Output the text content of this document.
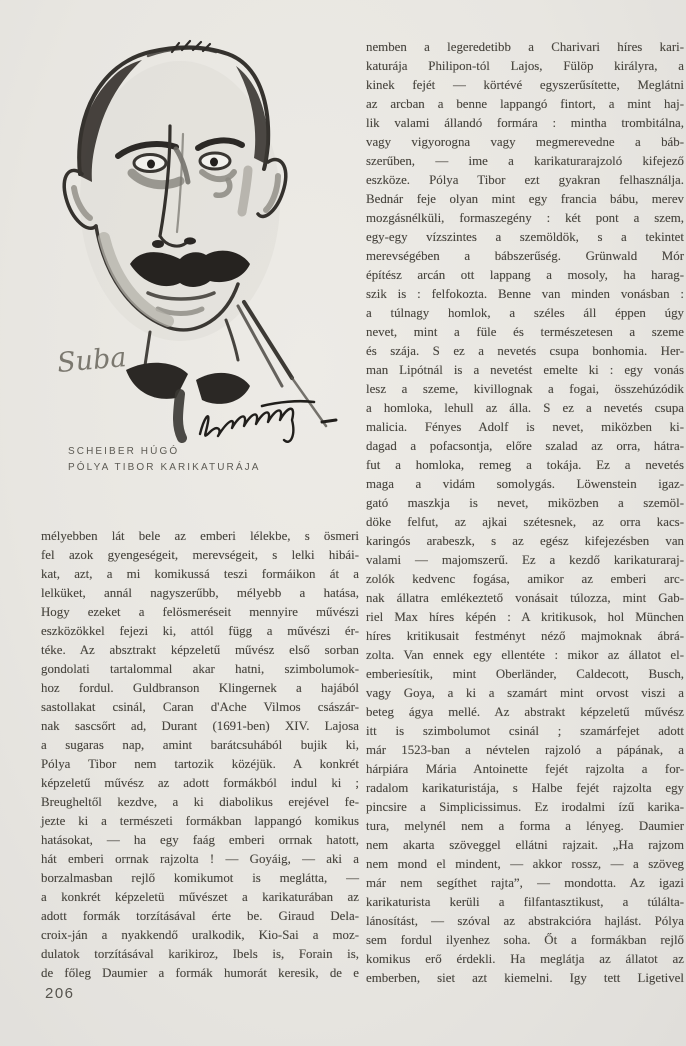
Suba
SCHEIBER HÚGÓ
PÓLYA TIBOR KARIKATURÁJA
mélyebben lát bele az emberi lélekbe, s ösmeri
fel azok gyengeségeit, merevségeit, s lelki hibái-
kat, azt, a mi komikussá teszi formáikon át a
lelküket, annál nagyszerűbb, mélyebb a hatása,
Hogy ezeket a felösmeréseit mennyire művészi
eszközökkel fejezi ki, attól függ a művészi ér-
téke. Az absztrakt képzeletű művész első sorban
gondolati tartalommal akar hatni, szimbolumok-
hoz fordul. Guldbranson Klingernek a hajából
sastollakat csinál, Caran d'Ache Vilmos császár-
nak sascsőrt ad, Durant (1691-ben) XIV. Lajosa
a sugaras nap, amint barátcsuhából bujik ki,
Pólya Tibor nem tartozik közéjük. A konkrét
képzeletű művész az adott formákból indul ki ;
Breugheltől kezdve, a ki diabolikus erejével fe-
jezte ki a természeti formákban lappangó komikus
hatásokat, — ha egy faág emberi orrnak hatott,
hát emberi orrnak rajzolta ! — Goyáig, — aki a
borzalmasban rejlő komikumot is meglátta, —
a konkrét képzeletü művészet a karikaturában az
adott formák torzításával érte be. Giraud Dela-
croix-ján a nyakkendő uralkodik, Kio-Sai a moz-
dulatok torzításával karikiroz, Ibels is, Forain is,
de főleg Daumier a formák humorát keresik, de e
nemben a legeredetibb a Charivari híres kari-
katurája Philipon-tól Lajos, Fülöp királyra, a
kinek fejét — körtévé egyszerűsítette, Meglátni
az arcban a benne lappangó fintort, a mint haj-
lik valami állandó formára : mintha trombitálna,
vagy vigyorogna vagy megmerevedne a báb-
szerűben, — ime a karikaturarajzoló kifejező
eszköze. Pólya Tibor ezt gyakran felhasználja.
Bednár feje olyan mint egy francia bábu, merev
mozgásnélküli, formaszegény : két pont a szem,
egy-egy vízszintes a szemöldök, s a tekintet
merevségében a bábszerűség. Grünwald Mór
építész arcán ott lappang a mosoly, ha harag-
szik is : felfokozta. Benne van minden vonásban :
a túlnagy homlok, a széles áll éppen úgy
nevet, mint a füle és természetesen a szeme
és szája. S ez a nevetés csupa bonhomia. Her-
man Lipótnál is a nevetést emelte ki : egy vonás
lesz a szeme, kivillognak a fogai, összehúzódik
a homloka, lehull az álla. S ez a nevetés csupa
malicia. Fényes Adolf is nevet, miközben ki-
dagad a pofacsontja, előre szalad az orra, hátra-
fut a homloka, remeg a tokája. Ez a nevetés
maga a vidám somolygás. Löwenstein igaz-
gató maszkja is nevet, miközben a szemöl-
döke felfut, az ajkai szétesnek, az orra kacs-
karingós arabeszk, s az egész kifejezésben van
valami — majomszerű. Ez a kezdő karikaturaraj-
zolók kedvenc fogása, amikor az emberi arc-
nak állatra emlékeztető vonásait túlozza, mint Gab-
riel Max híres képén : A kritikusok, hol München
híres kritikusait festményt néző majmoknak ábrá-
zolta. Van ennek egy ellentéte : mikor az állatot el-
emberiesítik, mint Oberländer, Caldecott, Busch,
vagy Goya, a ki a szamárt mint orvost viszi a
beteg ágya mellé. Az abstrakt képzeletű művész
itt is szimbolumot csinál ; szamárfejet adott
már 1523-ban a névtelen rajzoló a pápának, a
hárpiára Mária Antoinette fejét rajzolta a for-
radalom karikaturistája, s Halbe fejét rajzolta egy
pincsire a Simplicissimus. Ez irodalmi ízű karika-
tura, melynél nem a forma a lényeg. Daumier
nem akarta szöveggel ellátni rajzait. „Ha rajzom
nem mond el mindent, — akkor rossz, — a szöveg
már nem segíthet rajta”, — mondotta. Az igazi
karikaturista kerüli a filfantasztikust, a túlálta-
lánosítást, — szóval az abstrakcióra hajlást. Pólya
sem fordul ilyenhez soha. Őt a formákban rejlő
komikus erő érdekli. Ha meglátja az állatot az
emberben, siet azt kiemelni. Igy tett Ligetivel
206
